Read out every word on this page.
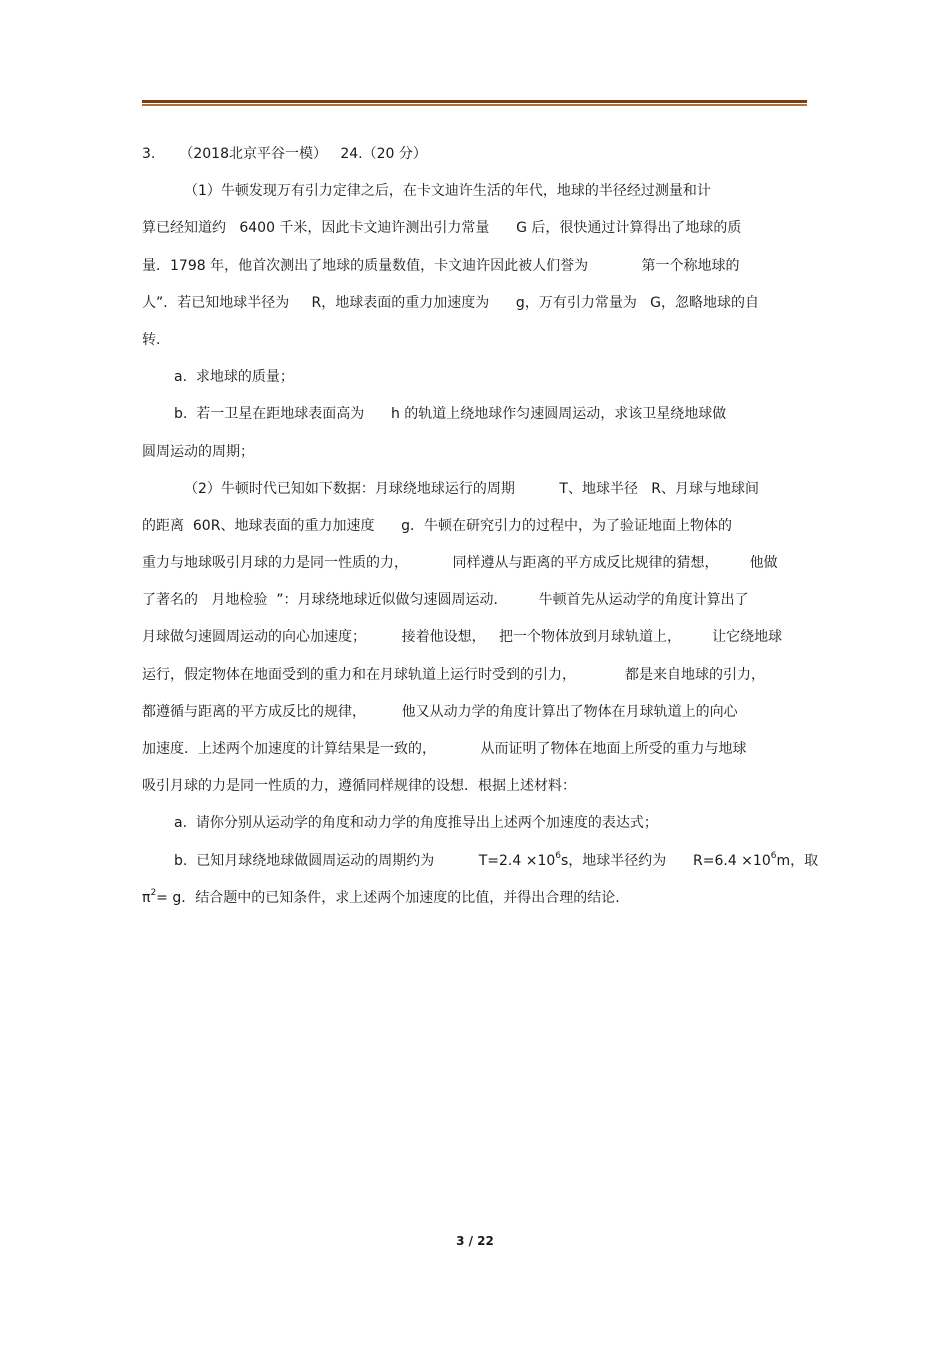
3. （2018北京平谷一模）   24.（20 分）
（1）牛顿发现万有引力定律之后，在卡文迪许生活的年代，地球的半径经过测量和计
算已经知道约   6400 千米，因此卡文迪许测出引力常量      G 后，很快通过计算得出了地球的质
量．1798 年，他首次测出了地球的质量数值，卡文迪许因此被人们誉为            第一个称地球的
人”．若已知地球半径为     R，地球表面的重力加速度为      g，万有引力常量为   G，忽略地球的自
转.
a.  求地球的质量；
b.  若一卫星在距地球表面高为      h 的轨道上绕地球作匀速圆周运动，求该卫星绕地球做
圆周运动的周期；
（2）牛顿时代已知如下数据：月球绕地球运行的周期          T、地球半径   R、月球与地球间
的距离  60R、地球表面的重力加速度      g．牛顿在研究引力的过程中，为了验证地面上物体的
重力与地球吸引月球的力是同一性质的力，          同样遵从与距离的平方成反比规律的猜想，       他做
了著名的   月地检验  ”：月球绕地球近似做匀速圆周运动．       牛顿首先从运动学的角度计算出了
月球做匀速圆周运动的向心加速度；        接着他设想，   把一个物体放到月球轨道上，       让它绕地球
运行，假定物体在地面受到的重力和在月球轨道上运行时受到的引力，           都是来自地球的引力，
都遵循与距离的平方成反比的规律，        他又从动力学的角度计算出了物体在月球轨道上的向心
加速度．上述两个加速度的计算结果是一致的，          从而证明了物体在地面上所受的重力与地球
吸引月球的力是同一性质的力，遵循同样规律的设想．根据上述材料：
a.  请你分别从运动学的角度和动力学的角度推导出上述两个加速度的表达式；
b.  已知月球绕地球做圆周运动的周期约为          $T=2.4 \times 10^6s$，地球半径约为      $R=6.4 \times 10^6m$，取
$\pi^2= g$．结合题中的已知条件，求上述两个加速度的比值，并得出合理的结论.
3 / 22
